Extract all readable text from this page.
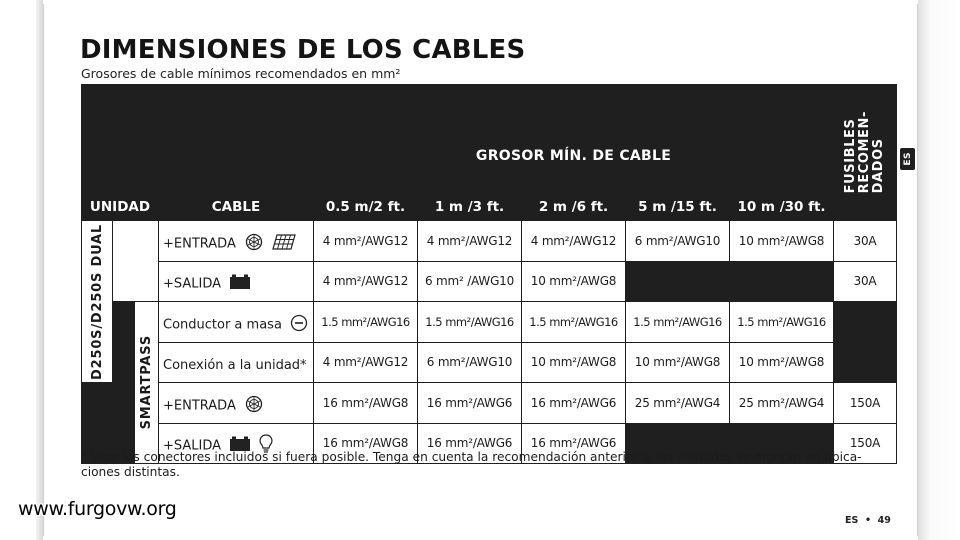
DIMENSIONES DE LOS CABLES
Grosores de cable mínimos recomendados en mm²
ES

									FUSIBLES
RECOMEN-
DADOS

				GROSOR MÍN. DE CABLE					
UNIDAD			CABLE	0.5 m/2 ft.	1 m /3 ft.	2 m /6 ft.	5 m /15 ft.	10 m /30 ft.	

D250S/D250S DUAL			+ENTRADA	4 mm²/AWG12	4 mm²/AWG12	4 mm²/AWG12	6 mm²/AWG10	10 mm²/AWG8	30A
			+SALIDA	4 mm²/AWG12	6 mm² /AWG10	10 mm²/AWG8			30A

		SMARTPASS	Conductor a masa	1.5 mm²/AWG16	1.5 mm²/AWG16	1.5 mm²/AWG16	1.5 mm²/AWG16	1.5 mm²/AWG16	
			Conexión a la unidad*	4 mm²/AWG12	6 mm²/AWG10	10 mm²/AWG8	10 mm²/AWG8	10 mm²/AWG8	
			+ENTRADA	16 mm²/AWG8	16 mm²/AWG6	16 mm²/AWG6	25 mm²/AWG4	25 mm²/AWG4	150A
			+SALIDA	16 mm²/AWG8	16 mm²/AWG6	16 mm²/AWG6			150A
* Usar los conectores incluidos si fuera posible. Tenga en cuenta la recomendación anterior si las unidades se montan en ubica-
ciones distintas.
ES  •  49
www.furgovw.org
